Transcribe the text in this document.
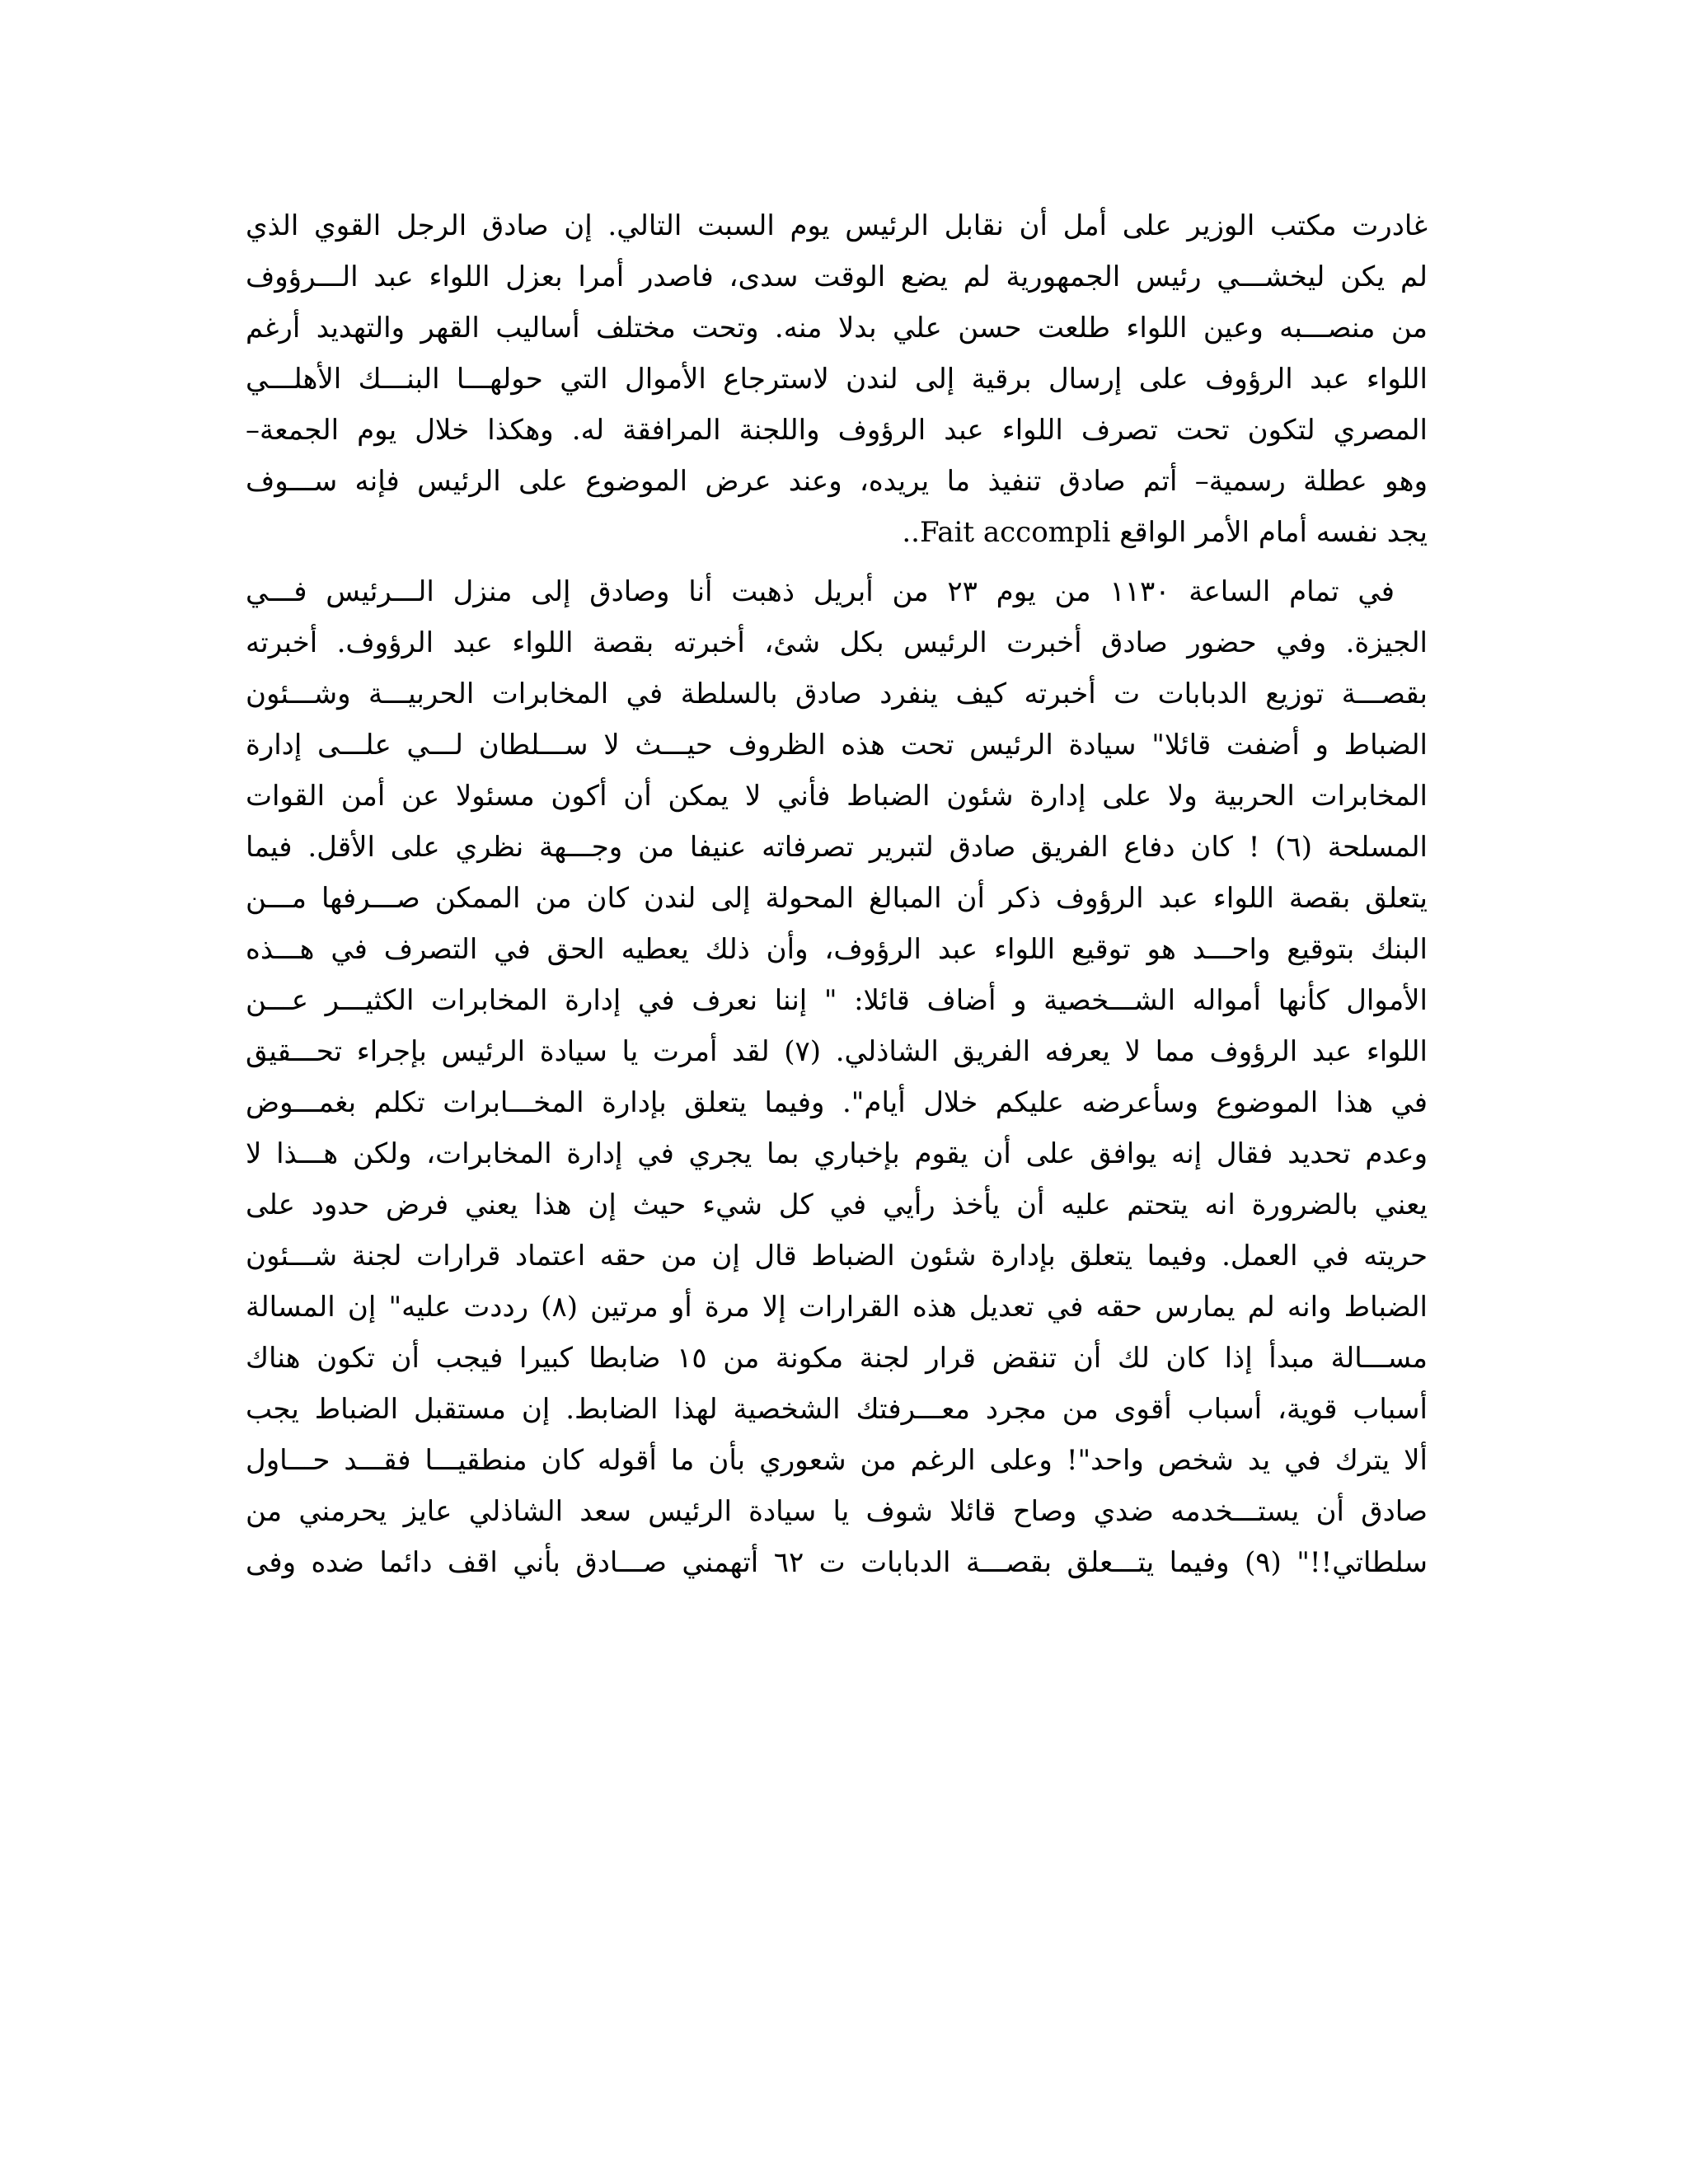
غادرت مكتب الوزير على أمل أن نقابل الرئيس يوم السبت التالي. إن صادق الرجل القوي الذي
لم يكن ليخشـــي رئيس الجمهورية لم يضع الوقت سدى، فاصدر أمرا بعزل اللواء عبد الـــرؤوف
من منصـــبه وعين اللواء طلعت حسن علي بدلا منه. وتحت مختلف أساليب القهر والتهديد أرغم
اللواء عبد الرؤوف على إرسال برقية إلى لندن لاسترجاع الأموال التي حولهـــا البنـــك الأهلـــي
المصري لتكون تحت تصرف اللواء عبد الرؤوف واللجنة المرافقة له. وهكذا خلال يوم الجمعة–
وهو عطلة رسمية– أتم صادق تنفيذ ما يريده، وعند عرض الموضوع على الرئيس فإنه ســـوف
يجد نفسه أمام الأمر الواقع Fait accompli..
في تمام الساعة ١١٣٠ من يوم ٢٣ من أبريل ذهبت أنا وصادق إلى منزل الـــرئيس فـــي
الجيزة. وفي حضور صادق أخبرت الرئيس بكل شئ، أخبرته بقصة اللواء عبد الرؤوف. أخبرته
بقصـــة توزيع الدبابات ت أخبرته كيف ينفرد صادق بالسلطة في المخابرات الحربيـــة وشـــئون
الضباط و أضفت قائلا" سيادة الرئيس تحت هذه الظروف حيـــث لا ســـلطان لـــي علـــى إدارة
المخابرات الحربية ولا على إدارة شئون الضباط فأني لا يمكن أن أكون مسئولا عن أمن القوات
المسلحة (٦) ! كان دفاع الفريق صادق لتبرير تصرفاته عنيفا من وجـــهة نظري على الأقل. فيما
يتعلق بقصة اللواء عبد الرؤوف ذكر أن المبالغ المحولة إلى لندن كان من الممكن صـــرفها مـــن
البنك بتوقيع واحـــد هو توقيع اللواء عبد الرؤوف، وأن ذلك يعطيه الحق في التصرف في هـــذه
الأموال كأنها أمواله الشـــخصية و أضاف قائلا: " إننا نعرف في إدارة المخابرات الكثيـــر عـــن
اللواء عبد الرؤوف مما لا يعرفه الفريق الشاذلي. (٧) لقد أمرت يا سيادة الرئيس بإجراء تحـــقيق
في هذا الموضوع وسأعرضه عليكم خلال أيام". وفيما يتعلق بإدارة المخـــابرات تكلم بغمـــوض
وعدم تحديد فقال إنه يوافق على أن يقوم بإخباري بما يجري في إدارة المخابرات، ولكن هـــذا لا
يعني بالضرورة انه يتحتم عليه أن يأخذ رأيي في كل شيء حيث إن هذا يعني فرض حدود على
حريته في العمل. وفيما يتعلق بإدارة شئون الضباط قال إن من حقه اعتماد قرارات لجنة شـــئون
الضباط وانه لم يمارس حقه في تعديل هذه القرارات إلا مرة أو مرتين (٨) رددت عليه" إن المسالة
مســـالة مبدأ إذا كان لك أن تنقض قرار لجنة مكونة من ١٥ ضابطا كبيرا فيجب أن تكون هناك
أسباب قوية، أسباب أقوى من مجرد معـــرفتك الشخصية لهذا الضابط. إن مستقبل الضباط يجب
ألا يترك في يد شخص واحد"! وعلى الرغم من شعوري بأن ما أقوله كان منطقيـــا فقـــد حـــاول
صادق أن يستـــخدمه ضدي وصاح قائلا شوف يا سيادة الرئيس سعد الشاذلي عايز يحرمني من
سلطاتي!!" (٩) وفيما يتـــعلق بقصـــة الدبابات ت ٦٢ أتهمني صـــادق بأني اقف دائما ضده وفى
